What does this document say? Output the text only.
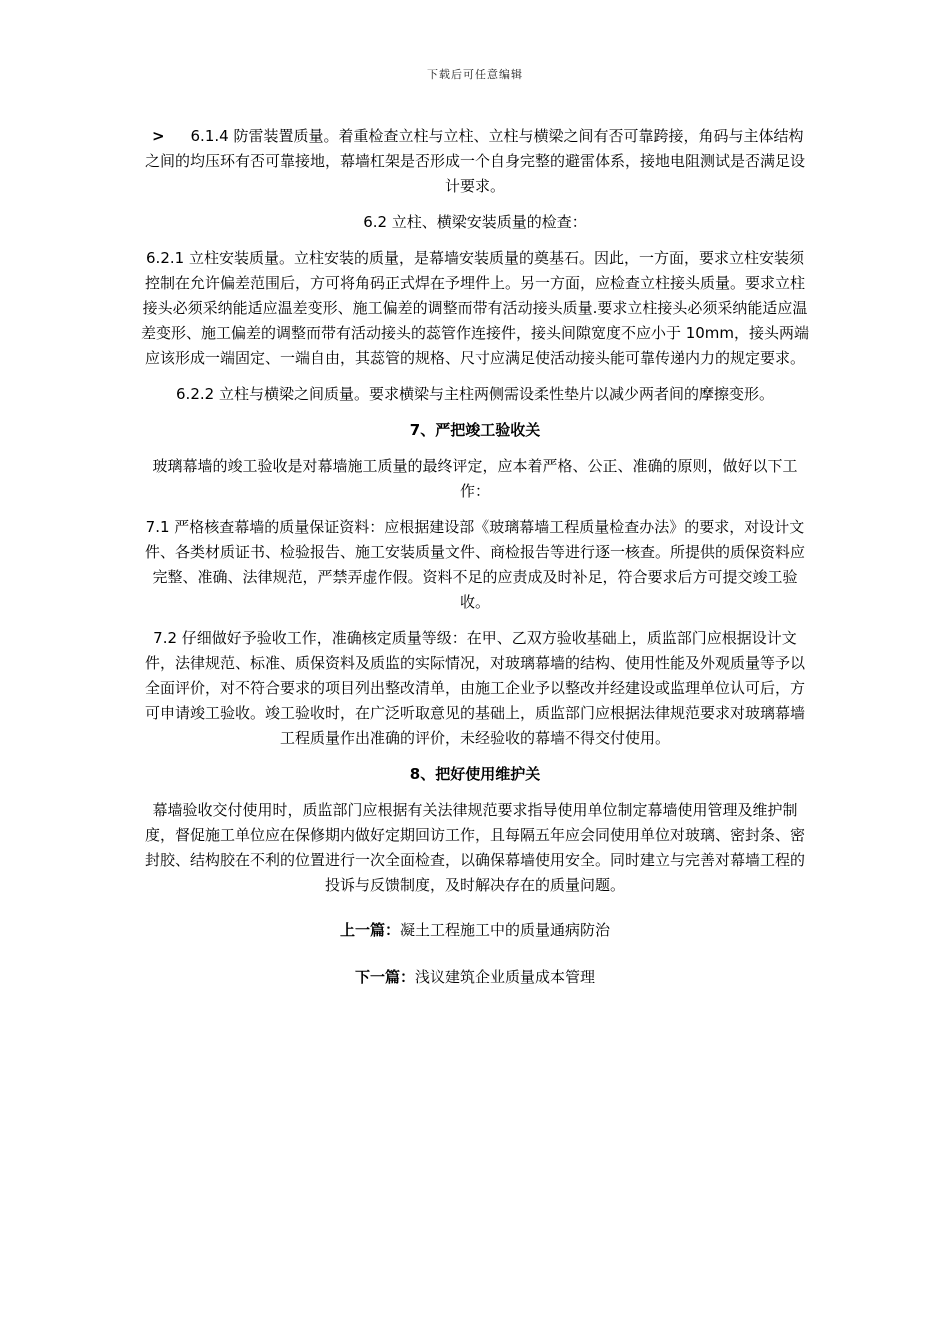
下载后可任意编辑
>	6.1.4 防雷装置质量。着重检查立柱与立柱、立柱与横梁之间有否可靠跨接，角码与主体结构之间的均压环有否可靠接地，幕墙杠架是否形成一个自身完整的避雷体系，接地电阻测试是否满足设计要求。

6.2 立柱、横梁安装质量的检查：

6.2.1 立柱安装质量。立柱安装的质量，是幕墙安装质量的奠基石。因此，一方面，要求立柱安装须控制在允许偏差范围后，方可将角码正式焊在予埋件上。另一方面，应检查立柱接头质量。要求立柱接头必须采纳能适应温差变形、施工偏差的调整而带有活动接头质量.要求立柱接头必须采纳能适应温差变形、施工偏差的调整而带有活动接头的蕊管作连接件，接头间隙宽度不应小于 10mm，接头两端应该形成一端固定、一端自由，其蕊管的规格、尺寸应满足使活动接头能可靠传递内力的规定要求。

6.2.2 立柱与横梁之间质量。要求横梁与主柱两侧需设柔性垫片以减少两者间的摩擦变形。

7、严把竣工验收关

玻璃幕墙的竣工验收是对幕墙施工质量的最终评定，应本着严格、公正、准确的原则，做好以下工作：

7.1 严格核查幕墙的质量保证资料：应根据建设部《玻璃幕墙工程质量检查办法》的要求，对设计文件、各类材质证书、检验报告、施工安装质量文件、商检报告等进行逐一核查。所提供的质保资料应完整、准确、法律规范，严禁弄虚作假。资料不足的应责成及时补足，符合要求后方可提交竣工验收。

7.2 仔细做好予验收工作，准确核定质量等级：在甲、乙双方验收基础上，质监部门应根据设计文件，法律规范、标准、质保资料及质监的实际情况，对玻璃幕墙的结构、使用性能及外观质量等予以全面评价，对不符合要求的项目列出整改清单，由施工企业予以整改并经建设或监理单位认可后，方可申请竣工验收。竣工验收时，在广泛听取意见的基础上，质监部门应根据法律规范要求对玻璃幕墙工程质量作出准确的评价，未经验收的幕墙不得交付使用。

8、把好使用维护关

幕墙验收交付使用时，质监部门应根据有关法律规范要求指导使用单位制定幕墙使用管理及维护制度，督促施工单位应在保修期内做好定期回访工作，且每隔五年应会同使用单位对玻璃、密封条、密封胶、结构胶在不利的位置进行一次全面检查，以确保幕墙使用安全。同时建立与完善对幕墙工程的投诉与反馈制度，及时解决存在的质量问题。

上一篇：凝土工程施工中的质量通病防治

下一篇：浅议建筑企业质量成本管理
